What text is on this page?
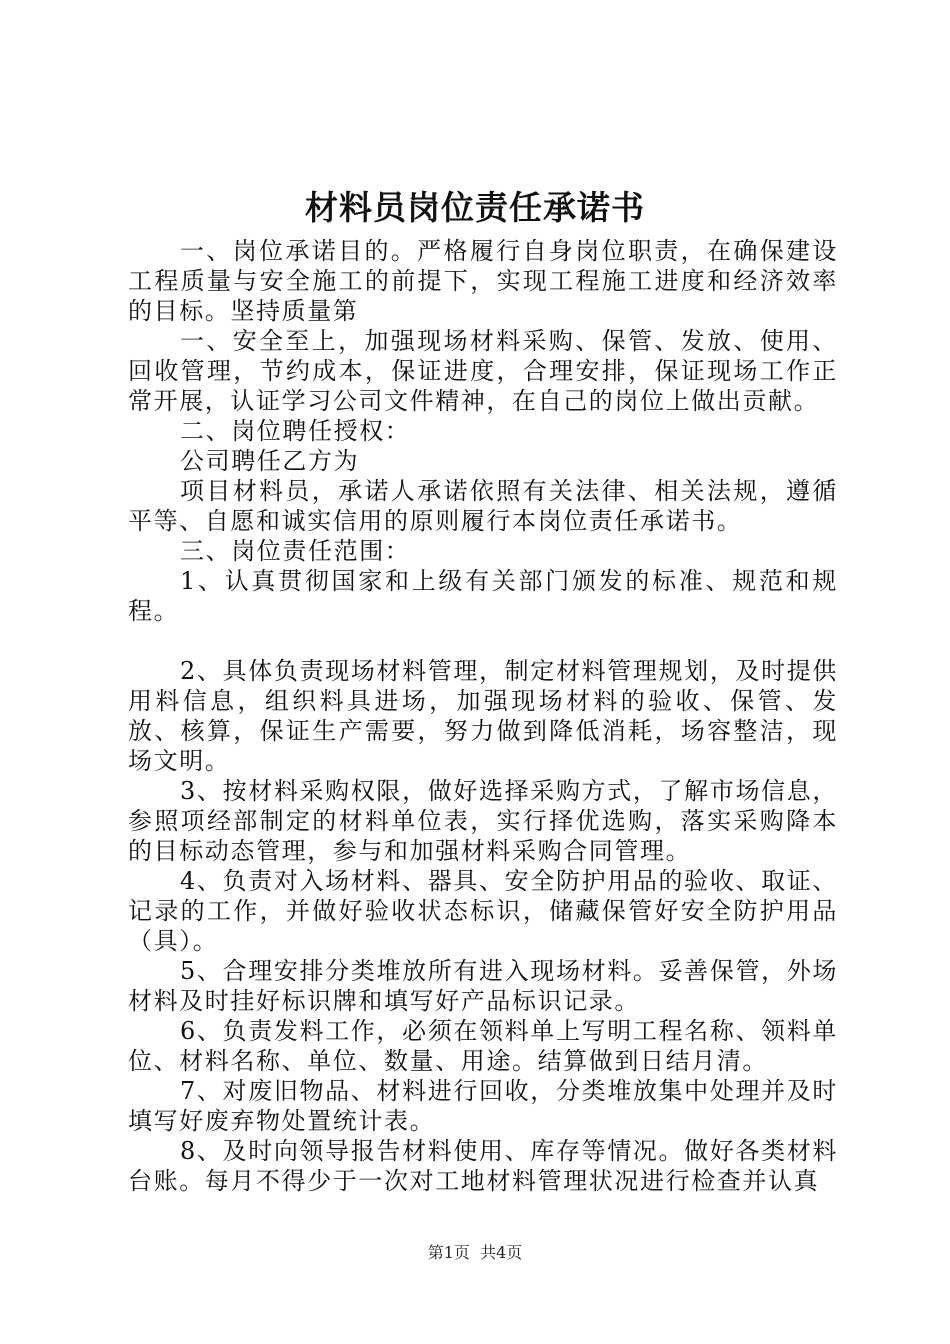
材料员岗位责任承诺书

一、岗位承诺目的。严格履行自身岗位职责，在确保建设工程质量与安全施工的前提下，实现工程施工进度和经济效率的目标。坚持质量第

一、安全至上，加强现场材料采购、保管、发放、使用、回收管理，节约成本，保证进度，合理安排，保证现场工作正常开展，认证学习公司文件精神，在自己的岗位上做出贡献。

二、岗位聘任授权：

公司聘任乙方为

项目材料员，承诺人承诺依照有关法律、相关法规，遵循平等、自愿和诚实信用的原则履行本岗位责任承诺书。

三、岗位责任范围：

1、认真贯彻国家和上级有关部门颁发的标准、规范和规程。

2、具体负责现场材料管理，制定材料管理规划，及时提供用料信息，组织料具进场，加强现场材料的验收、保管、发放、核算，保证生产需要，努力做到降低消耗，场容整洁，现场文明。

3、按材料采购权限，做好选择采购方式，了解市场信息，参照项经部制定的材料单位表，实行择优选购，落实采购降本的目标动态管理，参与和加强材料采购合同管理。

4、负责对入场材料、器具、安全防护用品的验收、取证、记录的工作，并做好验收状态标识，储藏保管好安全防护用品（具）。

5、合理安排分类堆放所有进入现场材料。妥善保管，外场材料及时挂好标识牌和填写好产品标识记录。

6、负责发料工作，必须在领料单上写明工程名称、领料单位、材料名称、单位、数量、用途。结算做到日结月清。

7、对废旧物品、材料进行回收，分类堆放集中处理并及时填写好废弃物处置统计表。

8、及时向领导报告材料使用、库存等情况。做好各类材料台账。每月不得少于一次对工地材料管理状况进行检查并认真

第1页  共4页
